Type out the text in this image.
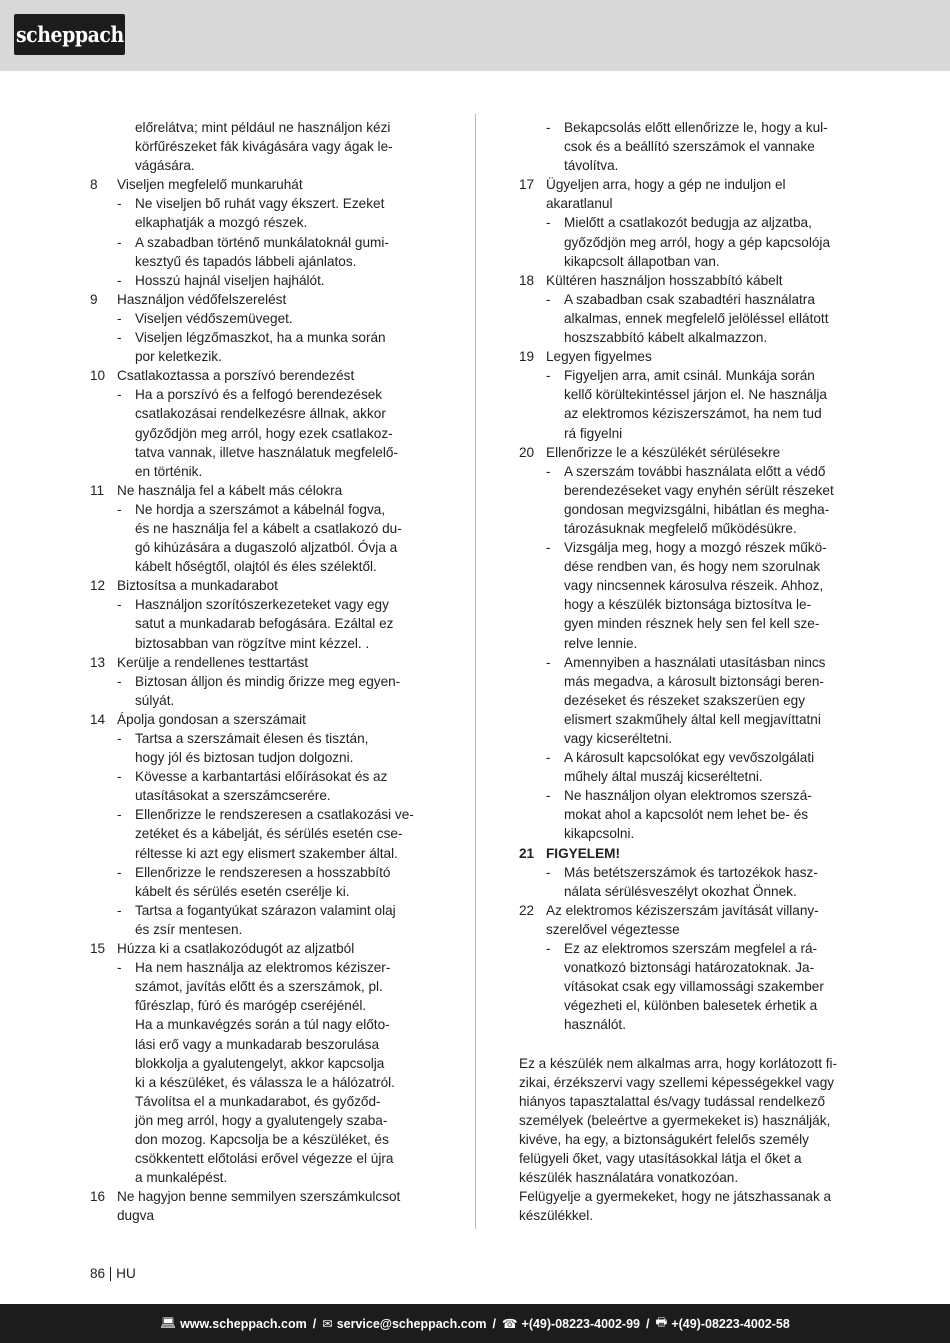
scheppach
előrelátva; mint például ne használjon kézi
körfűrészeket fák kivágására vagy ágak le-
vágására.
8	Viseljen megfelelő munkaruhát
- Ne viseljen bő ruhát vagy ékszert. Ezeket
elkaphatják a mozgó részek.
- A szabadban történő munkálatoknál gumi-
kesztyű és tapadós lábbeli ajánlatos.
- Hosszú hajnál viseljen hajhálót.
9	Használjon védőfelszerelést
- Viseljen védőszemüveget.
- Viseljen légzőmaszkot, ha a munka során
por keletkezik.
10 Csatlakoztassa a porszívó berendezést
- Ha a porszívó és a felfogó berendezések
csatlakozásai rendelkezésre állnak, akkor
győződjön meg arról, hogy ezek csatlakoz-
tatva vannak, illetve használatuk megfelelő-
en történik.
11 Ne használja fel a kábelt más célokra
- Ne hordja a szerszámot a kábelnál fogva,
és ne használja fel a kábelt a csatlakozó du-
gó kihúzására a dugaszoló aljzatból. Óvja a
kábelt hőségtől, olajtól és éles szélektől.
12 Biztosítsa a munkadarabot
- Használjon szorítószerkezeteket vagy egy
satut a munkadarab befogására. Ezáltal ez
biztosabban van rögzítve mint kézzel. .
13 Kerülje a rendellenes testtartást
- Biztosan álljon és mindig őrizze meg egyen-
súlyát.
14 Ápolja gondosan a szerszámait
- Tartsa a szerszámait élesen és tisztán,
hogy jól és biztosan tudjon dolgozni.
- Kövesse a karbantartási előírásokat és az
utasításokat a szerszámcserére.
- Ellenőrizze le rendszeresen a csatlakozási ve-
zetéket és a kábelját, és sérülés esetén cse-
réltesse ki azt egy elismert szakember által.
- Ellenőrizze le rendszeresen a hosszabbító
kábelt és sérülés esetén cserélje ki.
- Tartsa a fogantyúkat szárazon valamint olaj
és zsír mentesen.
15 Húzza ki a csatlakozódugót az aljzatból
- Ha nem használja az elektromos kéziszer-
számot, javítás előtt és a szerszámok, pl.
fűrészlap, fúró és marógép cseréjénél.
Ha a munkavégzés során a túl nagy előto-
lási erő vagy a munkadarab beszorulása
blokkolja a gyalutengelyt, akkor kapcsolja
ki a készüléket, és válassza le a hálózatról.
Távolítsa el a munkadarabot, és győződ-
jön meg arról, hogy a gyalutengely szaba-
don mozog. Kapcsolja be a készüléket, és
csökkentett előtolási erővel végezze el újra
a munkalépést.
16 Ne hagyjon benne semmilyen szerszámkulcsot
dugva
- Bekapcsolás előtt ellenőrizze le, hogy a kul-
csok és a beállító szerszámok el vannake
távolítva.
17 Ügyeljen arra, hogy a gép ne induljon el
akaratlanul
- Mielőtt a csatlakozót bedugja az aljzatba,
győződjön meg arról, hogy a gép kapcsolója
kikapcsolt állapotban van.
18 Kültéren használjon hosszabbító kábelt
- A szabadban csak szabadtéri használatra
alkalmas, ennek megfelelő jelöléssel ellátott
hoszszabbító kábelt alkalmazzon.
19 Legyen figyelmes
- Figyeljen arra, amit csinál. Munkája során
kellő körültekintéssel járjon el. Ne használja
az elektromos kéziszerszámot, ha nem tud
rá figyelni
20 Ellenőrizze le a készülékét sérülésekre
- A szerszám további használata előtt a védő
berendezéseket vagy enyhén sérült részeket
gondosan megvizsgálni, hibátlan és megha-
tározásuknak megfelelő működésükre.
- Vizsgálja meg, hogy a mozgó részek műkö-
dése rendben van, és hogy nem szorulnak
vagy nincsennek károsulva részeik. Ahhoz,
hogy a készülék biztonsága biztosítva le-
gyen minden résznek hely sen fel kell sze-
relve lennie.
- Amennyiben a használati utasításban nincs
más megadva, a károsult biztonsági beren-
dezéseket és részeket szakszerüen egy
elismert szakműhely által kell megjavíttatni
vagy kicseréltetni.
- A károsult kapcsolókat egy vevőszolgálati
műhely által muszáj kicseréltetni.
- Ne használjon olyan elektromos szerszá-
mokat ahol a kapcsolót nem lehet be- és
kikapcsolni.
21 FIGYELEM!
- Más betétszerszámok és tartozékok hasz-
nálata sérülésveszélyt okozhat Önnek.
22 Az elektromos kéziszerszám javítását villany-
szerelővel végeztesse
- Ez az elektromos szerszám megfelel a rá-
vonatkozó biztonsági határozatoknak. Ja-
vításokat csak egy villamossági szakember
végezheti el, különben balesetek érhetik a
használót.
Ez a készülék nem alkalmas arra, hogy korlátozott fi-
zikai, érzékszervi vagy szellemi képességekkel vagy
hiányos tapasztalattal és/vagy tudással rendelkező
személyek (beleértve a gyermekeket is) használják,
kivéve, ha egy, a biztonságukért felelős személy
felügyeli őket, vagy utasításokkal látja el őket a
készülék használatára vonatkozóan.
Felügyelje a gyermekeket, hogy ne játszhassanak a
készülékkel.
86 HU
💻︎ www.scheppach.com / ✉︎ service@scheppach.com / ☎︎ +(49)-08223-4002-99 / 🖶︎ +(49)-08223-4002-58
